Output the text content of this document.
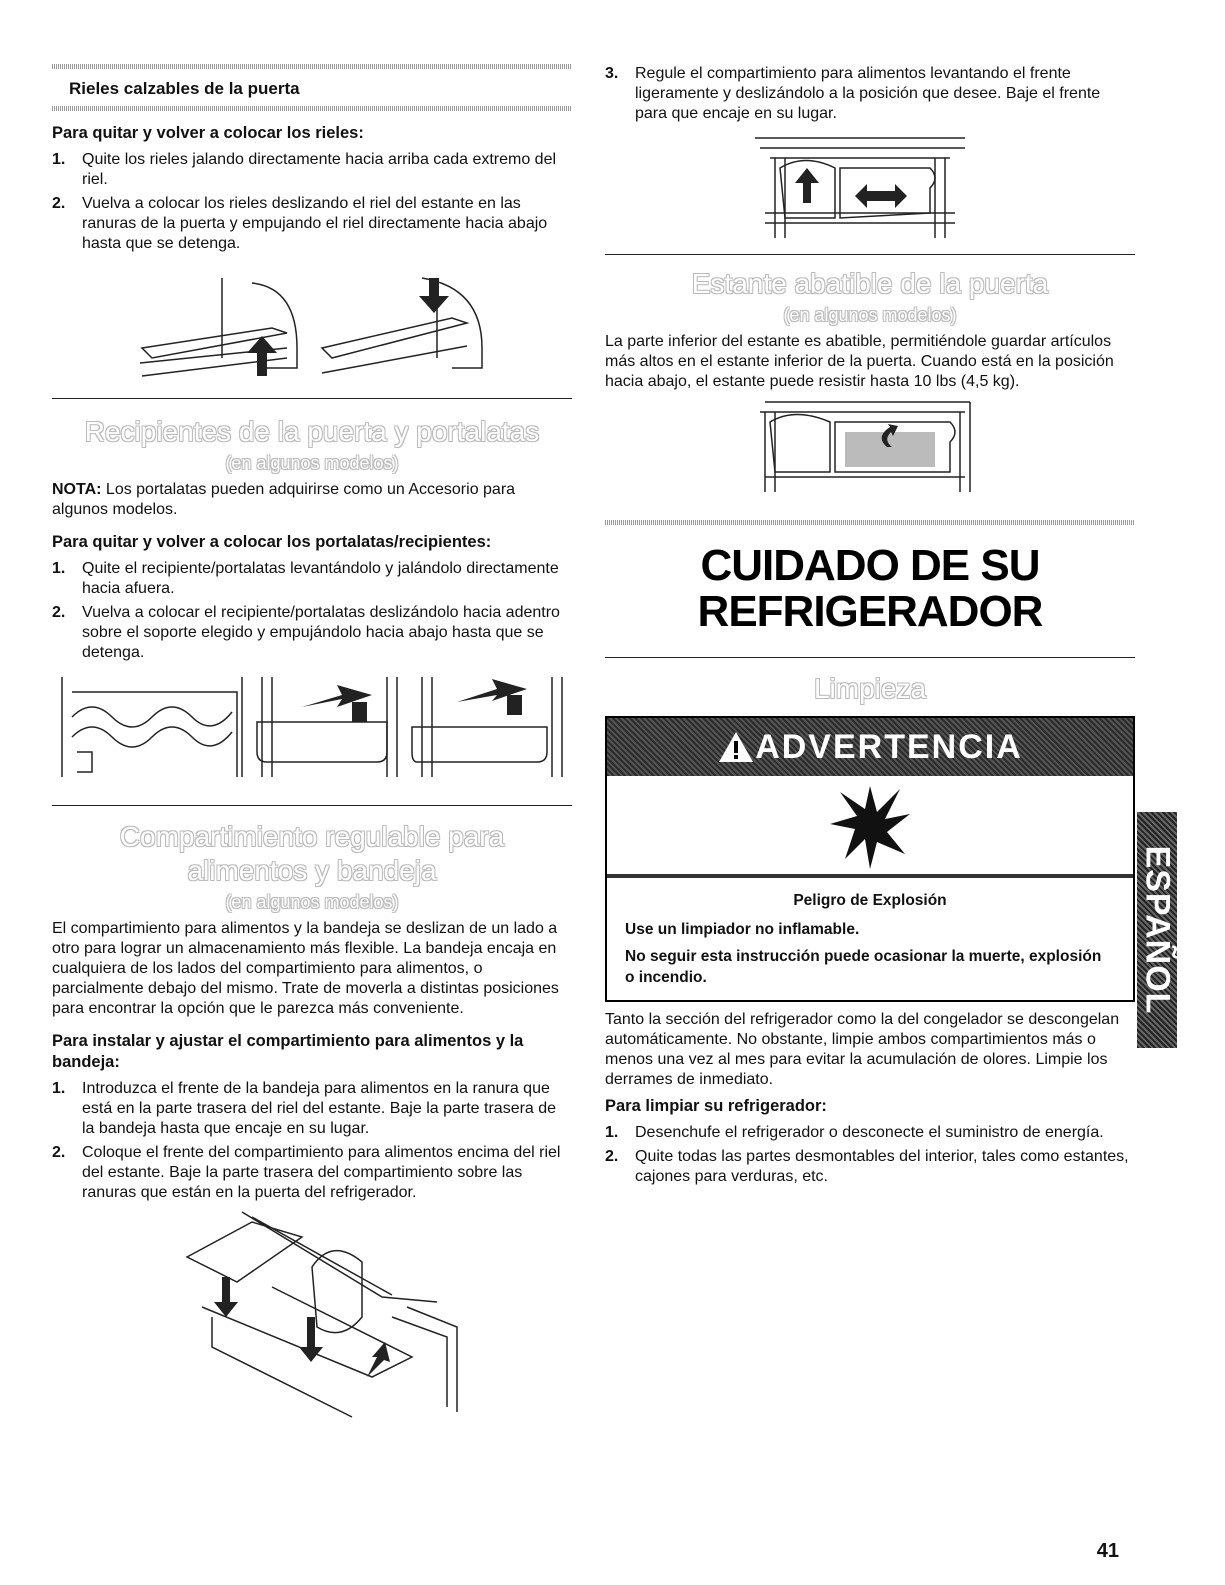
Rieles calzables de la puerta
Para quitar y volver a colocar los rieles:
1. Quite los rieles jalando directamente hacia arriba cada extremo del riel.
2. Vuelva a colocar los rieles deslizando el riel del estante en las ranuras de la puerta y empujando el riel directamente hacia abajo hasta que se detenga.
Recipientes de la puerta y portalatas
(en algunos modelos)

NOTA: Los portalatas pueden adquirirse como un Accesorio para algunos modelos.

Para quitar y volver a colocar los portalatas/recipientes:
1. Quite el recipiente/portalatas levantándolo y jalándolo directamente hacia afuera.
2. Vuelva a colocar el recipiente/portalatas deslizándolo hacia adentro sobre el soporte elegido y empujándolo hacia abajo hasta que se detenga.
Compartimiento regulable para
alimentos y bandeja
(en algunos modelos)

El compartimiento para alimentos y la bandeja se deslizan de un lado a otro para lograr un almacenamiento más flexible. La bandeja encaja en cualquiera de los lados del compartimiento para alimentos, o parcialmente debajo del mismo. Trate de moverla a distintas posiciones para encontrar la opción que le parezca más conveniente.

Para instalar y ajustar el compartimiento para alimentos y la bandeja:
1. Introduzca el frente de la bandeja para alimentos en la ranura que está en la parte trasera del riel del estante. Baje la parte trasera de la bandeja hasta que encaje en su lugar.
2. Coloque el frente del compartimiento para alimentos encima del riel del estante. Baje la parte trasera del compartimiento sobre las ranuras que están en la puerta del refrigerador.
3. Regule el compartimiento para alimentos levantando el frente ligeramente y deslizándolo a la posición que desee. Baje el frente para que encaje en su lugar.
Estante abatible de la puerta
(en algunos modelos)

La parte inferior del estante es abatible, permitiéndole guardar artículos más altos en el estante inferior de la puerta. Cuando está en la posición hacia abajo, el estante puede resistir hasta 10 lbs (4,5 kg).

CUIDADO DE SU
REFRIGERADOR
Limpieza
ADVERTENCIA
Peligro de Explosión
Use un limpiador no inflamable.
No seguir esta instrucción puede ocasionar la muerte, explosión o incendio.

Tanto la sección del refrigerador como la del congelador se descongelan automáticamente. No obstante, limpie ambos compartimientos más o menos una vez al mes para evitar la acumulación de olores. Limpie los derrames de inmediato.

Para limpiar su refrigerador:
1. Desenchufe el refrigerador o desconecte el suministro de energía.
2. Quite todas las partes desmontables del interior, tales como estantes, cajones para verduras, etc.
ESPAÑOL
41
